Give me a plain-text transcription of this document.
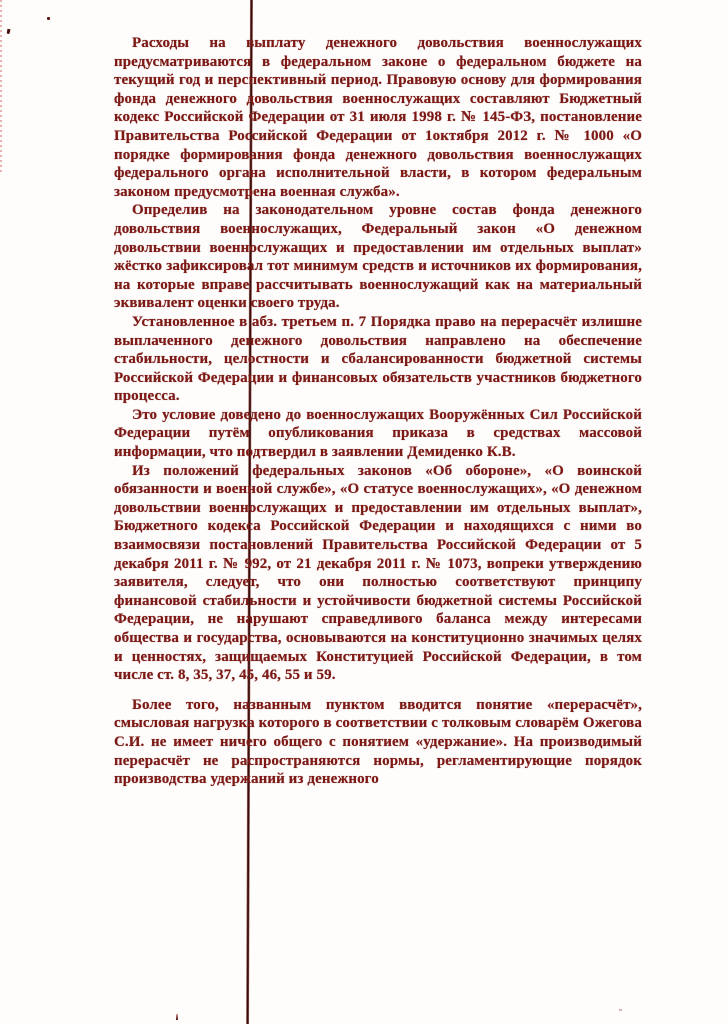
Расходы на выплату денежного довольствия военнослужащих предусматриваются в федеральном законе о федеральном бюджете на текущий год и перспективный период. Правовую основу для формирования фонда денежного довольствия военнослужащих составляют Бюджетный кодекс Российской Федерации от 31 июля 1998 г. № 145-ФЗ, постановление Правительства Российской Федерации от 1октября 2012 г. № 1000 «О порядке формирования фонда денежного довольствия военнослужащих федерального органа исполнительной власти, в котором федеральным законом предусмотрена военная служба».

Определив на законодательном уровне состав фонда денежного довольствия военнослужащих, Федеральный закон «О денежном довольствии военнослужащих и предоставлении им отдельных выплат» жёстко зафиксировал тот минимум средств и источников их формирования, на которые вправе рассчитывать военнослужащий как на материальный эквивалент оценки своего труда.

Установленное в абз. третьем п. 7 Порядка право на перерасчёт излишне выплаченного денежного довольствия направлено на обеспечение стабильности, целостности и сбалансированности бюджетной системы Российской Федерации и финансовых обязательств участников бюджетного процесса.

Это условие доведено до военнослужащих Вооружённых Сил Российской Федерации путём опубликования приказа в средствах массовой информации, что подтвердил в заявлении Демиденко К.В.

Из положений федеральных законов «Об обороне», «О воинской обязанности и военной службе», «О статусе военнослужащих», «О денежном довольствии военнослужащих и предоставлении им отдельных выплат», Бюджетного кодекса Российской Федерации и находящихся с ними во взаимосвязи постановлений Правительства Российской Федерации от 5 декабря 2011 г. № 992, от 21 декабря 2011 г. № 1073, вопреки утверждению заявителя, следует, что они полностью соответствуют принципу финансовой стабильности и устойчивости бюджетной системы Российской Федерации, не нарушают справедливого баланса между интересами общества и государства, основываются на конституционно значимых целях и ценностях, защищаемых Конституцией Российской Федерации, в том числе ст. 8, 35, 37, 45, 46, 55 и 59.

Более того, названным пунктом вводится понятие «перерасчёт», смысловая нагрузка которого в соответствии с толковым словарём Ожегова С.И. не имеет ничего общего с понятием «удержание». На производимый перерасчёт не распространяются нормы, регламентирующие порядок производства удержаний из денежного
